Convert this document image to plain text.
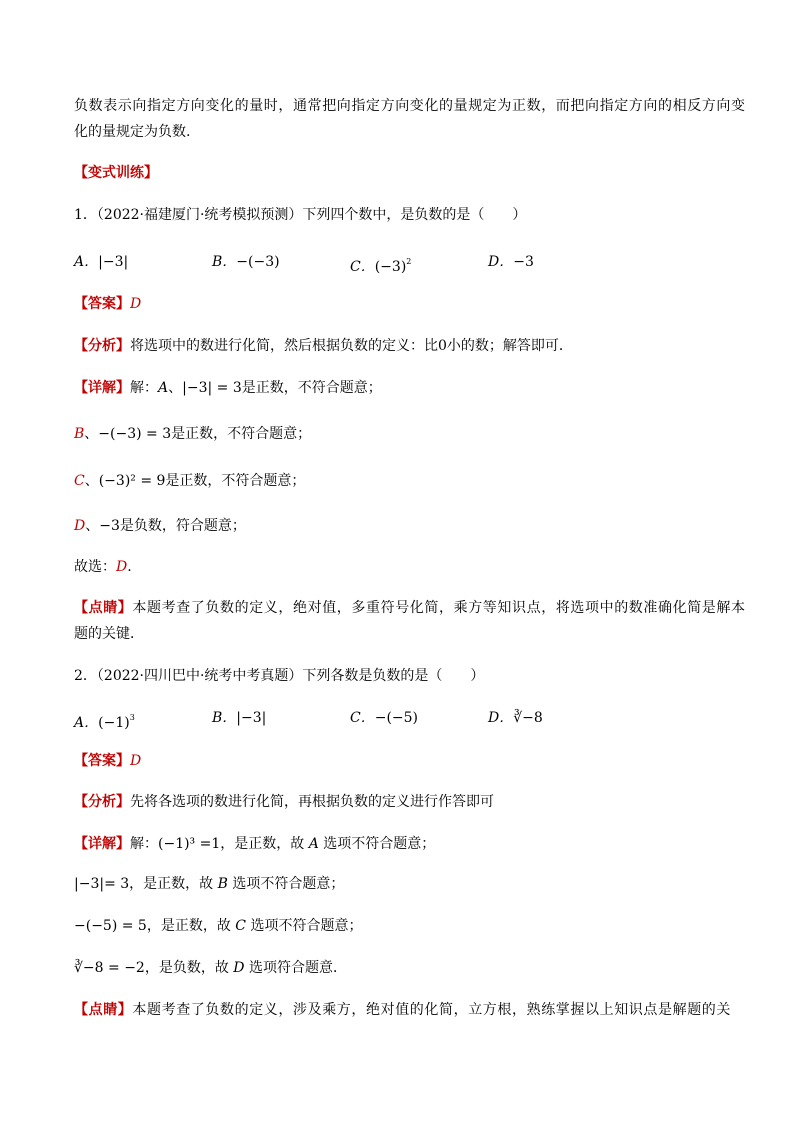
负数表示向指定方向变化的量时，通常把向指定方向变化的量规定为正数，而把向指定方向的相反方向变
化的量规定为负数.
【变式训练】
1．（2022·福建厦门·统考模拟预测）下列四个数中，是负数的是（　　）
A．|−3|	B．−(−3)	C．$(-3)^2$	D．−3
【答案】D
【分析】将选项中的数进行化简，然后根据负数的定义：比0小的数；解答即可．
【详解】解：A、|−3| = 3是正数，不符合题意；
B、−(−3) = 3是正数，不符合题意；
C、(−3)² = 9是正数，不符合题意；
D、−3是负数，符合题意；
故选：D.
【点睛】本题考查了负数的定义，绝对值，多重符号化简，乘方等知识点，将选项中的数准确化简是解本
题的关键．
2．（2022·四川巴中·统考中考真题）下列各数是负数的是（　　）
A．$(-1)^3$	B．|−3|	C．−(−5)	D．∛−8
【答案】D
【分析】先将各选项的数进行化简，再根据负数的定义进行作答即可
【详解】解：(−1)³ =1，是正数，故 A 选项不符合题意；
|−3|= 3，是正数，故 B 选项不符合题意；
−(−5) = 5，是正数，故 C 选项不符合题意；
∛−8 = −2，是负数，故 D 选项符合题意．
【点睛】本题考查了负数的定义，涉及乘方，绝对值的化简，立方根，熟练掌握以上知识点是解题的关
